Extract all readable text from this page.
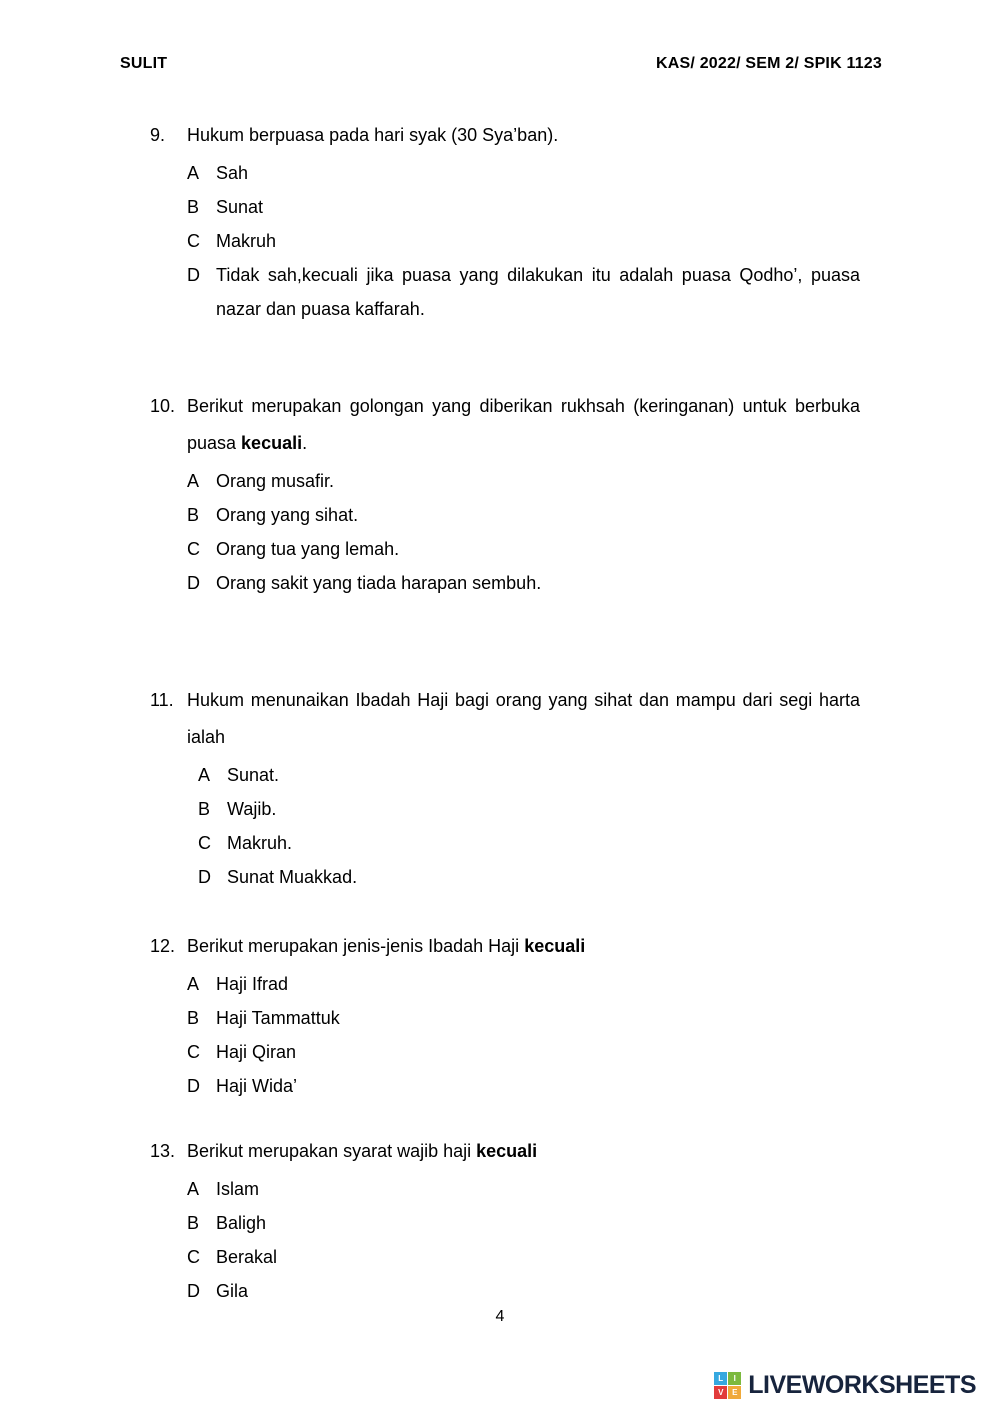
SULIT	KAS/ 2022/ SEM 2/ SPIK 1123
9.	Hukum berpuasa pada hari syak (30 Sya’ban).

A Sah
B Sunat
C Makruh
D Tidak sah,kecuali jika puasa yang dilakukan itu adalah puasa Qodho’, puasa nazar dan puasa kaffarah.
10. Berikut merupakan golongan yang diberikan rukhsah (keringanan) untuk berbuka puasa kecuali.

A Orang musafir.
B Orang yang sihat.
C Orang tua yang lemah.
D Orang sakit yang tiada harapan sembuh.
11. Hukum menunaikan Ibadah Haji bagi orang yang sihat dan mampu dari segi harta ialah

A Sunat.
B Wajib.
C Makruh.
D Sunat Muakkad.
12. Berikut merupakan jenis-jenis Ibadah Haji kecuali

A Haji Ifrad
B Haji Tammattuk
C Haji Qiran
D Haji Wida’
13. Berikut merupakan syarat wajib haji kecuali

A Islam
B Baligh
C Berakal
D Gila
4
L	I
V	E LIVEWORKSHEETS
